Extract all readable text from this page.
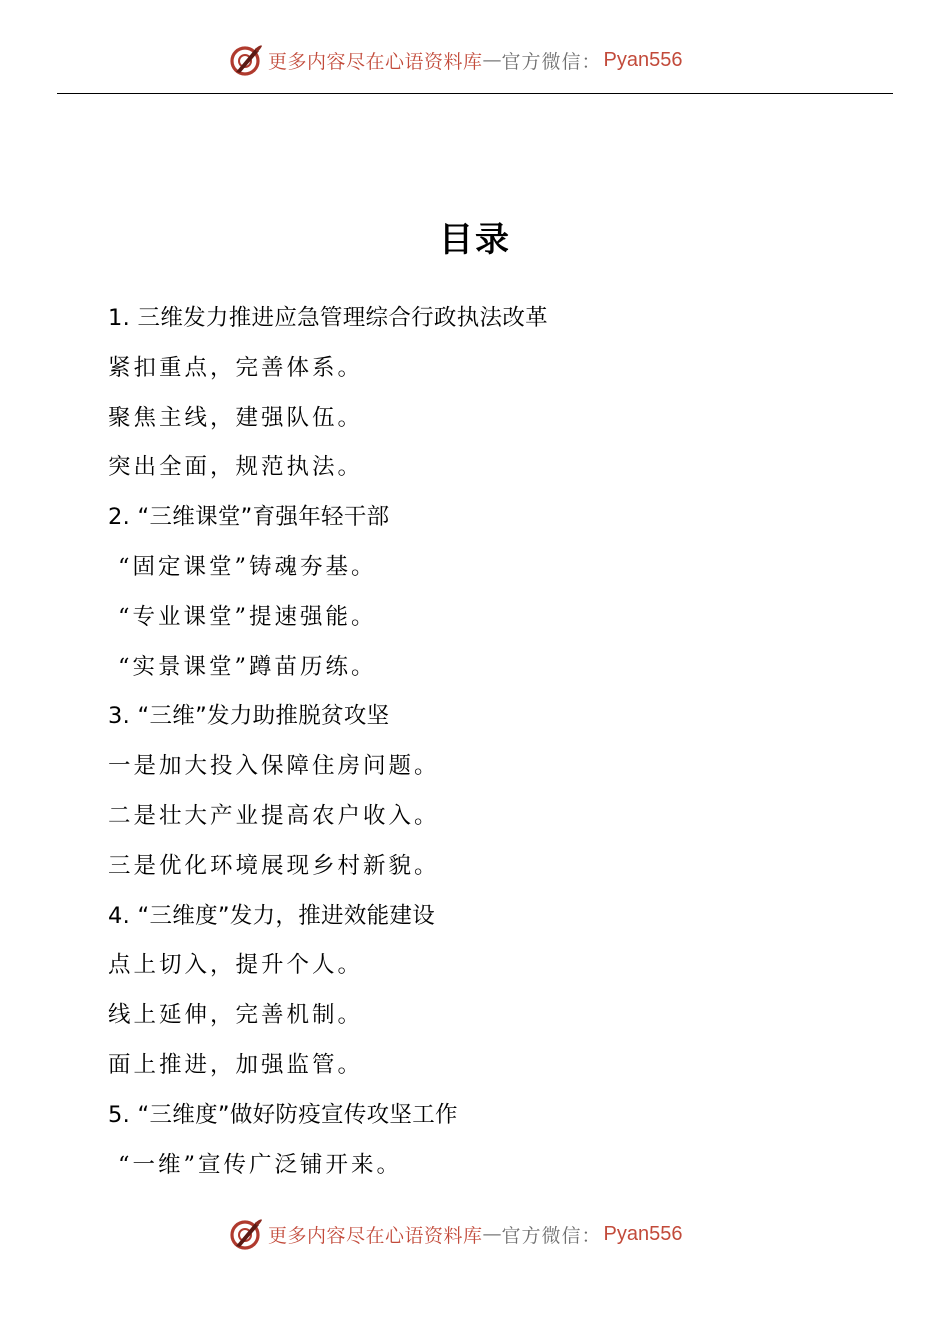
更多内容尽在心语资料库 — 官方微信： Pyan556
目录
1. 三维发力推进应急管理综合行政执法改革
紧扣重点，完善体系。
聚焦主线，建强队伍。
突出全面，规范执法。
2. “三维课堂”育强年轻干部
“固定课堂”铸魂夯基。
“专业课堂”提速强能。
“实景课堂”蹲苗历练。
3. “三维”发力助推脱贫攻坚
一是加大投入保障住房问题。
二是壮大产业提高农户收入。
三是优化环境展现乡村新貌。
4. “三维度”发力，推进效能建设
点上切入，提升个人。
线上延伸，完善机制。
面上推进，加强监管。
5. “三维度”做好防疫宣传攻坚工作
“一维”宣传广泛铺开来。
更多内容尽在心语资料库 — 官方微信： Pyan556
